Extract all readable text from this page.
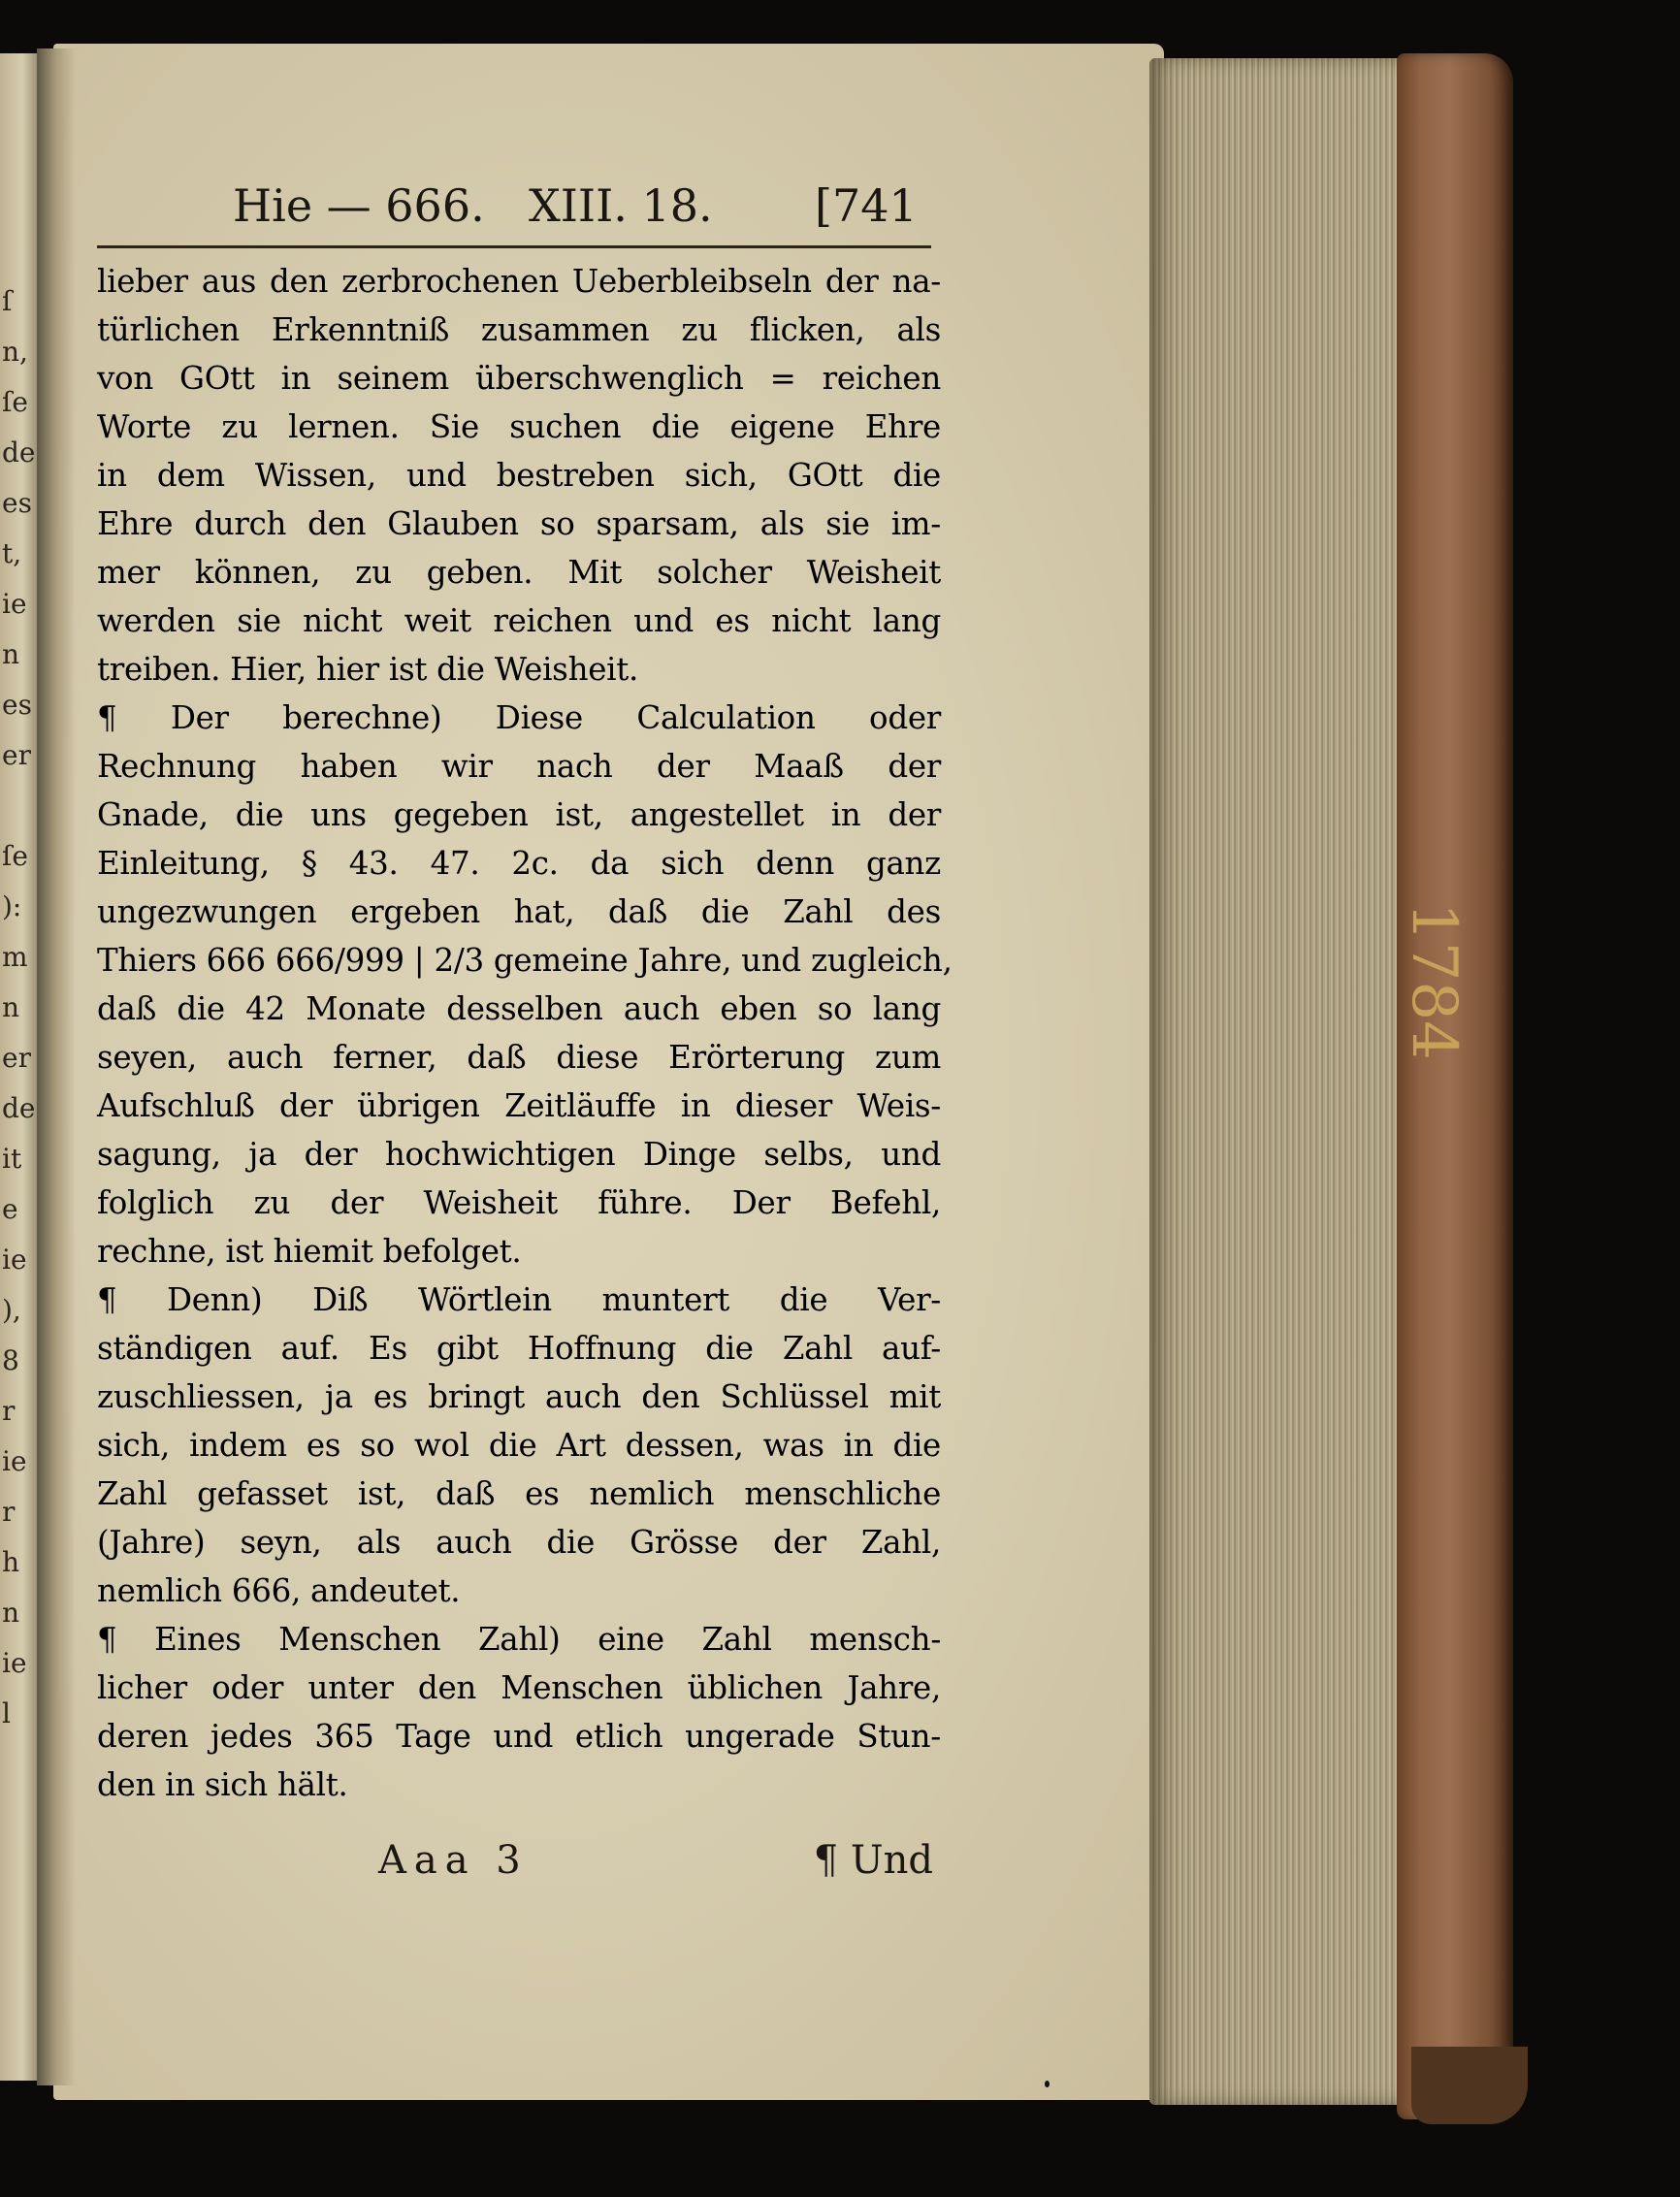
ſ
n,
ſe
de
es
t,
ie
n
es
er

ſe
):
m
n
er
de
it
e
ie
),
8
r
ie
r
h
n
ie
l
Hie — 666. XIII. 18. [741
lieber aus den zerbrochenen Ueberbleibseln der na-
türlichen Erkenntniß zusammen zu flicken, als
von GOtt in seinem überschwenglich = reichen
Worte zu lernen. Sie suchen die eigene Ehre
in dem Wissen, und bestreben sich, GOtt die
Ehre durch den Glauben so sparsam, als sie im-
mer können, zu geben. Mit solcher Weisheit
werden sie nicht weit reichen und es nicht lang
treiben. Hier, hier ist die Weisheit.
¶ Der berechne) Diese Calculation oder
Rechnung haben wir nach der Maaß der
Gnade, die uns gegeben ist, angestellet in der
Einleitung, § 43. 47. 2c. da sich denn ganz
ungezwungen ergeben hat, daß die Zahl des
Thiers 666 666/999 | 2/3 gemeine Jahre, und zugleich,
daß die 42 Monate desselben auch eben so lang
seyen, auch ferner, daß diese Erörterung zum
Aufschluß der übrigen Zeitläuffe in dieser Weis-
sagung, ja der hochwichtigen Dinge selbs, und
folglich zu der Weisheit führe. Der Befehl,
rechne, ist hiemit befolget.
¶ Denn) Diß Wörtlein muntert die Ver-
ständigen auf. Es gibt Hoffnung die Zahl auf-
zuschliessen, ja es bringt auch den Schlüssel mit
sich, indem es so wol die Art dessen, was in die
Zahl gefasset ist, daß es nemlich menschliche
(Jahre) seyn, als auch die Grösse der Zahl,
nemlich 666, andeutet.
¶ Eines Menschen Zahl) eine Zahl mensch-
licher oder unter den Menschen üblichen Jahre,
deren jedes 365 Tage und etlich ungerade Stun-
den in sich hält.
Aaa 3	¶ Und
